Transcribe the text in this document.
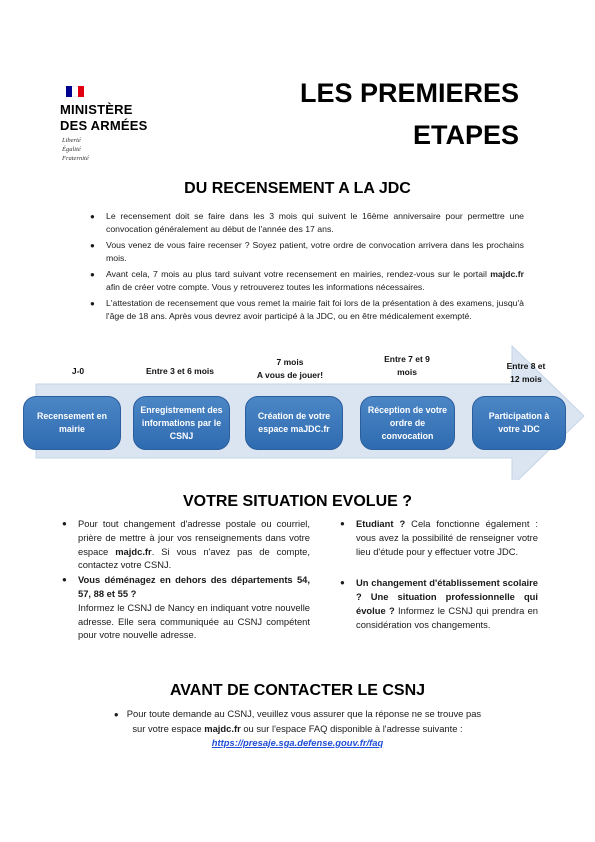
MINISTÈRE
DES ARMÉES
Liberté
Égalité
Fraternité
LES PREMIERES
ETAPES
DU RECENSEMENT A LA JDC
● Le recensement doit se faire dans les 3 mois qui suivent le 16ème anniversaire pour permettre une convocation généralement au début de l'année des 17 ans.
● Vous venez de vous faire recenser ? Soyez patient, votre ordre de convocation arrivera dans les prochains mois.
● Avant cela, 7 mois au plus tard suivant votre recensement en mairies, rendez-vous sur le portail majdc.fr afin de créer votre compte. Vous y retrouverez toutes les informations nécessaires.
● L'attestation de recensement que vous remet la mairie fait foi lors de la présentation à des examens, jusqu'à l'âge de 18 ans. Après vous devrez avoir participé à la JDC, ou en être médicalement exempté.
J-0	Entre 3 et 6 mois
7 mois
A vous de jouer!
Entre 7 et 9
mois
Entre 8 et
12 mois
Recensement en mairie
Enregistrement des informations par le CSNJ
Création de votre espace maJDC.fr
Réception de votre ordre de convocation
Participation à votre JDC
VOTRE SITUATION EVOLUE ?
● Pour tout changement d'adresse postale ou courriel, prière de mettre à jour vos renseignements dans votre espace majdc.fr. Si vous n'avez pas de compte, contactez votre CSNJ.
● Vous déménagez en dehors des départements 54, 57, 88 et 55 ?
Informez le CSNJ de Nancy en indiquant votre nouvelle adresse. Elle sera communiquée au CSNJ compétent pour votre nouvelle adresse.
● Etudiant ? Cela fonctionne également : vous avez la possibilité de renseigner votre lieu d'étude pour y effectuer votre JDC.
● Un changement d'établissement scolaire ? Une situation professionnelle qui évolue ? Informez le CSNJ qui prendra en considération vos changements.
AVANT DE CONTACTER LE CSNJ
● Pour toute demande au CSNJ, veuillez vous assurer que la réponse ne se trouve pas
sur votre espace majdc.fr ou sur l'espace FAQ disponible à l'adresse suivante :
https://presaje.sga.defense.gouv.fr/faq
